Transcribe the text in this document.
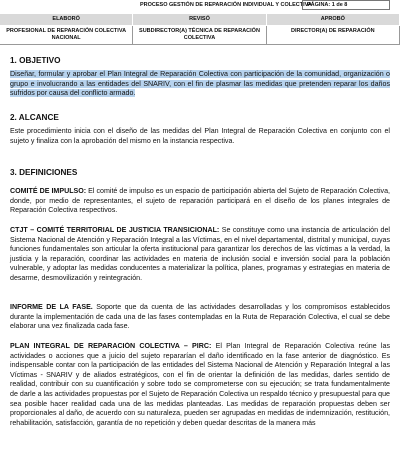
PROCESO GESTIÓN DE REPARACIÓN INDIVIDUAL Y COLECTIVA
PÁGINA: 1 de 8
ELABORÓ	REVISÓ	APROBÓ
PROFESIONAL DE REPARACIÓN COLECTIVA NACIONAL
SUBDIRECTOR(A) TÉCNICA DE REPARACIÓN COLECTIVA
DIRECTOR(A) DE REPARACIÓN
1. OBJETIVO
Diseñar, formular y aprobar el Plan Integral de Reparación Colectiva con participación de la comunidad, organización o grupo e involucrando a las entidades del SNARIV, con el fin de plasmar las medidas que pretenden reparar los daños sufridos por causa del conflicto armado.
2. ALCANCE
Este procedimiento inicia con el diseño de las medidas del Plan Integral de Reparación Colectiva en conjunto con el sujeto y finaliza con la aprobación del mismo en la instancia respectiva.
3. DEFINICIONES
COMITÉ DE IMPULSO: El comité de impulso es un espacio de participación abierta del Sujeto de Reparación Colectiva, donde, por medio de representantes, el sujeto de reparación participará en el diseño de los planes integrales de Reparación Colectiva respectivos.
CTJT – COMITÉ TERRITORIAL DE JUSTICIA TRANSICIONAL: Se constituye como una instancia de articulación del Sistema Nacional de Atención y Reparación Integral a las Víctimas, en el nivel departamental, distrital y municipal, cuyas funciones fundamentales son articular la oferta institucional para garantizar los derechos de las víctimas a la verdad, la justicia y la reparación, coordinar las actividades en materia de inclusión social e inversión social para la población vulnerable, y adoptar las medidas conducentes a materializar la política, planes, programas y estrategias en materia de desarme, desmovilización y reintegración.
INFORME DE LA FASE. Soporte que da cuenta de las actividades desarrolladas y los compromisos establecidos durante la implementación de cada una de las fases contempladas en la Ruta de Reparación Colectiva, el cual se debe elaborar una vez finalizada cada fase.
PLAN INTEGRAL DE REPARACIÓN COLECTIVA – PIRC: El Plan Integral de Reparación Colectiva reúne las actividades o acciones que a juicio del sujeto repararían el daño identificado en la fase anterior de diagnóstico. Es indispensable contar con la participación de las entidades del Sistema Nacional de Atención y Reparación Integral a las Víctimas - SNARIV y de aliados estratégicos, con el fin de orientar la definición de las medidas, darles sentido de realidad, contribuir con su cuantificación y sobre todo se comprometerse con su ejecución; se trata fundamentalmente de darle a las actividades propuestas por el Sujeto de Reparación Colectiva un respaldo técnico y presupuestal para que sea posible hacer realidad cada una de las medidas planteadas. Las medidas de reparación propuestas deben ser proporcionales al daño, de acuerdo con su naturaleza, pueden ser agrupadas en medidas de indemnización, restitución, rehabilitación, satisfacción, garantía de no repetición y deben quedar descritas de la manera más
